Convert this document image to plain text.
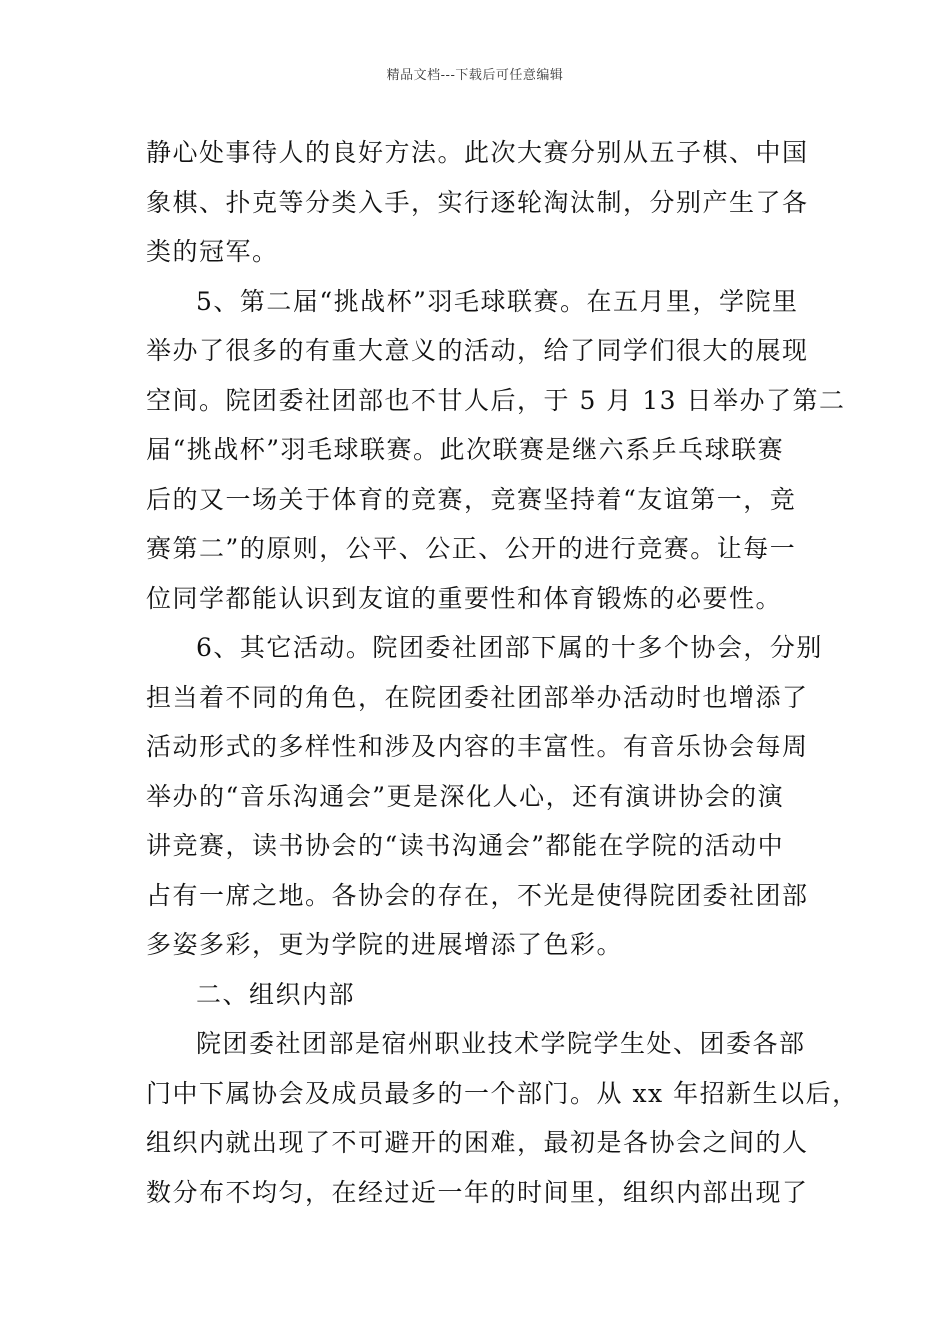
精品文档---下载后可任意编辑
静心处事待人的良好方法。此次大赛分别从五子棋、中国
象棋、扑克等分类入手，实行逐轮淘汰制，分别产生了各
类的冠军。
5、第二届“挑战杯”羽毛球联赛。在五月里，学院里
举办了很多的有重大意义的活动，给了同学们很大的展现
空间。院团委社团部也不甘人后，于 5 月 13 日举办了第二
届“挑战杯”羽毛球联赛。此次联赛是继六系乒乓球联赛
后的又一场关于体育的竞赛，竞赛坚持着“友谊第一，竞
赛第二”的原则，公平、公正、公开的进行竞赛。让每一
位同学都能认识到友谊的重要性和体育锻炼的必要性。
6、其它活动。院团委社团部下属的十多个协会，分别
担当着不同的角色，在院团委社团部举办活动时也增添了
活动形式的多样性和涉及内容的丰富性。有音乐协会每周
举办的“音乐沟通会”更是深化人心，还有演讲协会的演
讲竞赛，读书协会的“读书沟通会”都能在学院的活动中
占有一席之地。各协会的存在，不光是使得院团委社团部
多姿多彩，更为学院的进展增添了色彩。
二、组织内部
院团委社团部是宿州职业技术学院学生处、团委各部
门中下属协会及成员最多的一个部门。从 xx 年招新生以后，
组织内就出现了不可避开的困难，最初是各协会之间的人
数分布不均匀，在经过近一年的时间里，组织内部出现了
